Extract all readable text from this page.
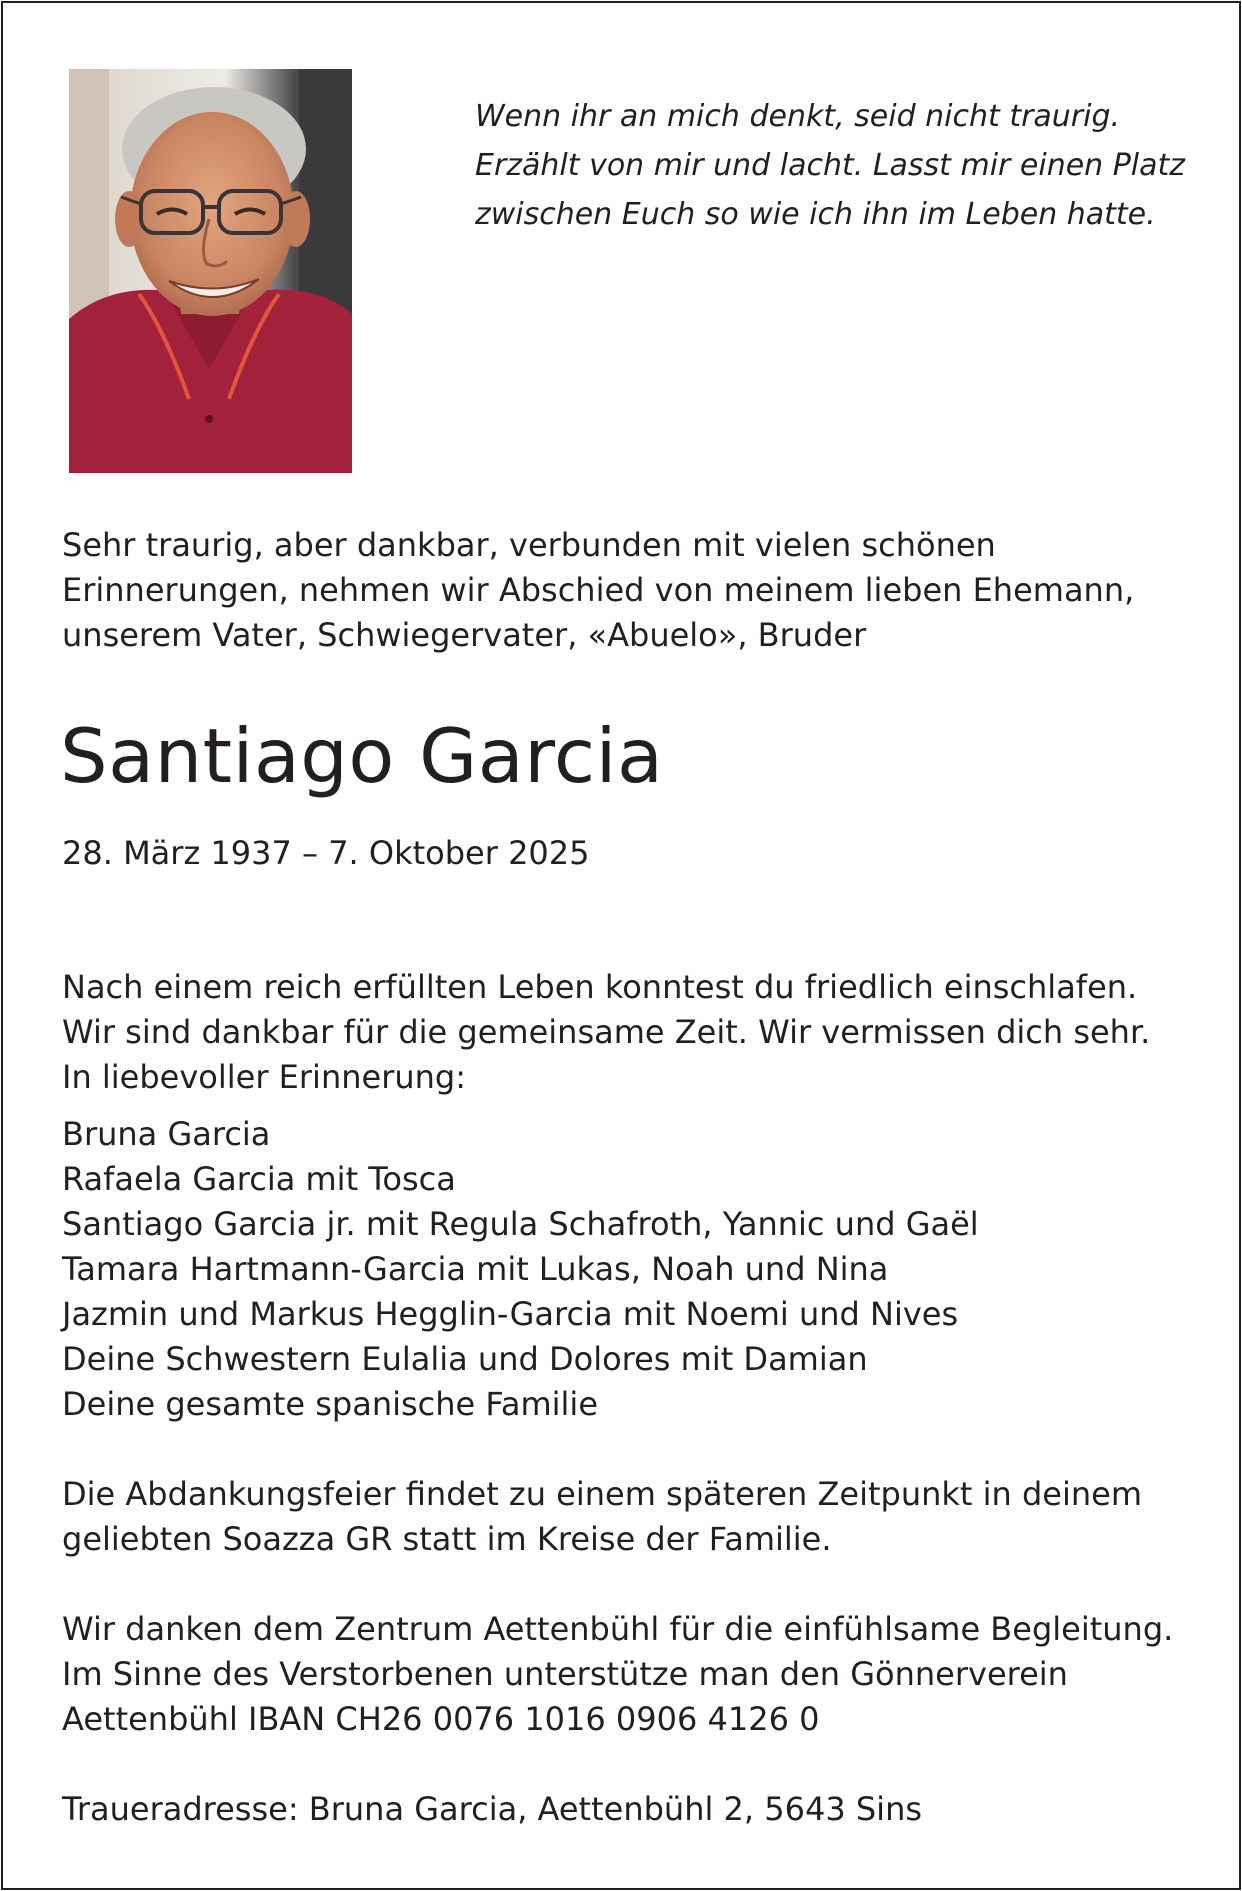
Wenn ihr an mich denkt, seid nicht traurig.
Erzählt von mir und lacht. Lasst mir einen Platz
zwischen Euch so wie ich ihn im Leben hatte.
Sehr traurig, aber dankbar, verbunden mit vielen schönen
Erinnerungen, nehmen wir Abschied von meinem lieben Ehemann,
unserem Vater, Schwiegervater, «Abuelo», Bruder
Santiago Garcia
28. März 1937 – 7. Oktober 2025
Nach einem reich erfüllten Leben konntest du friedlich einschlafen.
Wir sind dankbar für die gemeinsame Zeit. Wir vermissen dich sehr.
In liebevoller Erinnerung:
Bruna Garcia
Rafaela Garcia mit Tosca
Santiago Garcia jr. mit Regula Schafroth, Yannic und Gaël
Tamara Hartmann-Garcia mit Lukas, Noah und Nina
Jazmin und Markus Hegglin-Garcia mit Noemi und Nives
Deine Schwestern Eulalia und Dolores mit Damian
Deine gesamte spanische Familie
Die Abdankungsfeier findet zu einem späteren Zeitpunkt in deinem
geliebten Soazza GR statt im Kreise der Familie.
Wir danken dem Zentrum Aettenbühl für die einfühlsame Begleitung.
Im Sinne des Verstorbenen unterstütze man den Gönnerverein
Aettenbühl IBAN CH26 0076 1016 0906 4126 0
Traueradresse: Bruna Garcia, Aettenbühl 2, 5643 Sins
